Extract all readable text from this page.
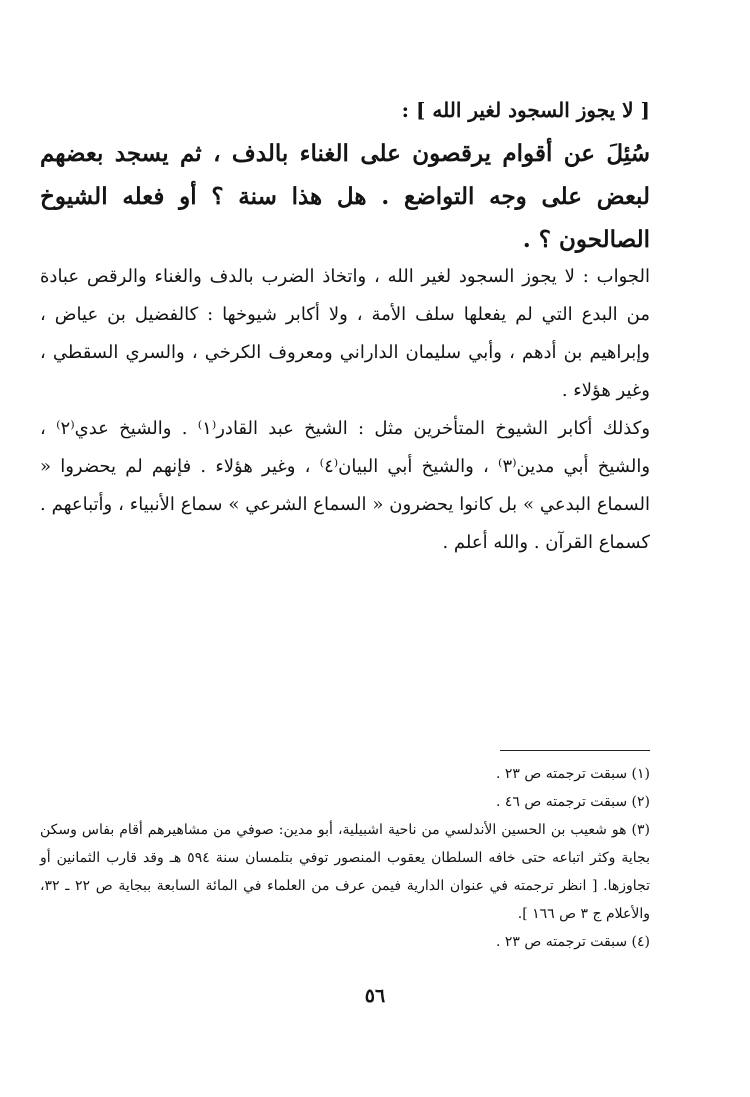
[ لا يجوز السجود لغير الله ] :
سُئِلَ عن أقوام يرقصون على الغناء بالدف ، ثم يسجد بعضهم لبعض على وجه التواضع . هل هذا سنة ؟ أو فعله الشيوخ الصالحون ؟ .
الجواب : لا يجوز السجود لغير الله ، واتخاذ الضرب بالدف والغناء والرقص عبادة من البدع التي لم يفعلها سلف الأمة ، ولا أكابر شيوخها : كالفضيل بن عياض ، وإبراهيم بن أدهم ، وأبي سليمان الداراني ومعروف الكرخي ، والسري السقطي ، وغير هؤلاء .
وكذلك أكابر الشيوخ المتأخرين مثل : الشيخ عبد القادر⁽١⁾ . والشيخ عدي⁽٢⁾ ، والشيخ أبي مدين⁽٣⁾ ، والشيخ أبي البيان⁽٤⁾ ، وغير هؤلاء . فإنهم لم يحضروا « السماع البدعي » بل كانوا يحضرون « السماع الشرعي » سماع الأنبياء ، وأتباعهم . كسماع القرآن . والله أعلم .
(١) سبقت ترجمته ص ٢٣ .
(٢) سبقت ترجمته ص ٤٦ .
(٣) هو شعيب بن الحسين الأندلسي من ناحية اشبيلية، أبو مدين: صوفي من مشاهيرهم أقام بفاس وسكن بجاية وكثر اتباعه حتى خافه السلطان يعقوب المنصور توفي بتلمسان سنة ٥٩٤ هـ وقد قارب الثمانين أو تجاوزها. [ انظر ترجمته في عنوان الدارية فيمن عرف من العلماء في المائة السابعة ببجاية ص ٢٢ ـ ٣٢، والأعلام ج ٣ ص ١٦٦ ].
(٤) سبقت ترجمته ص ٢٣ .
٥٦
